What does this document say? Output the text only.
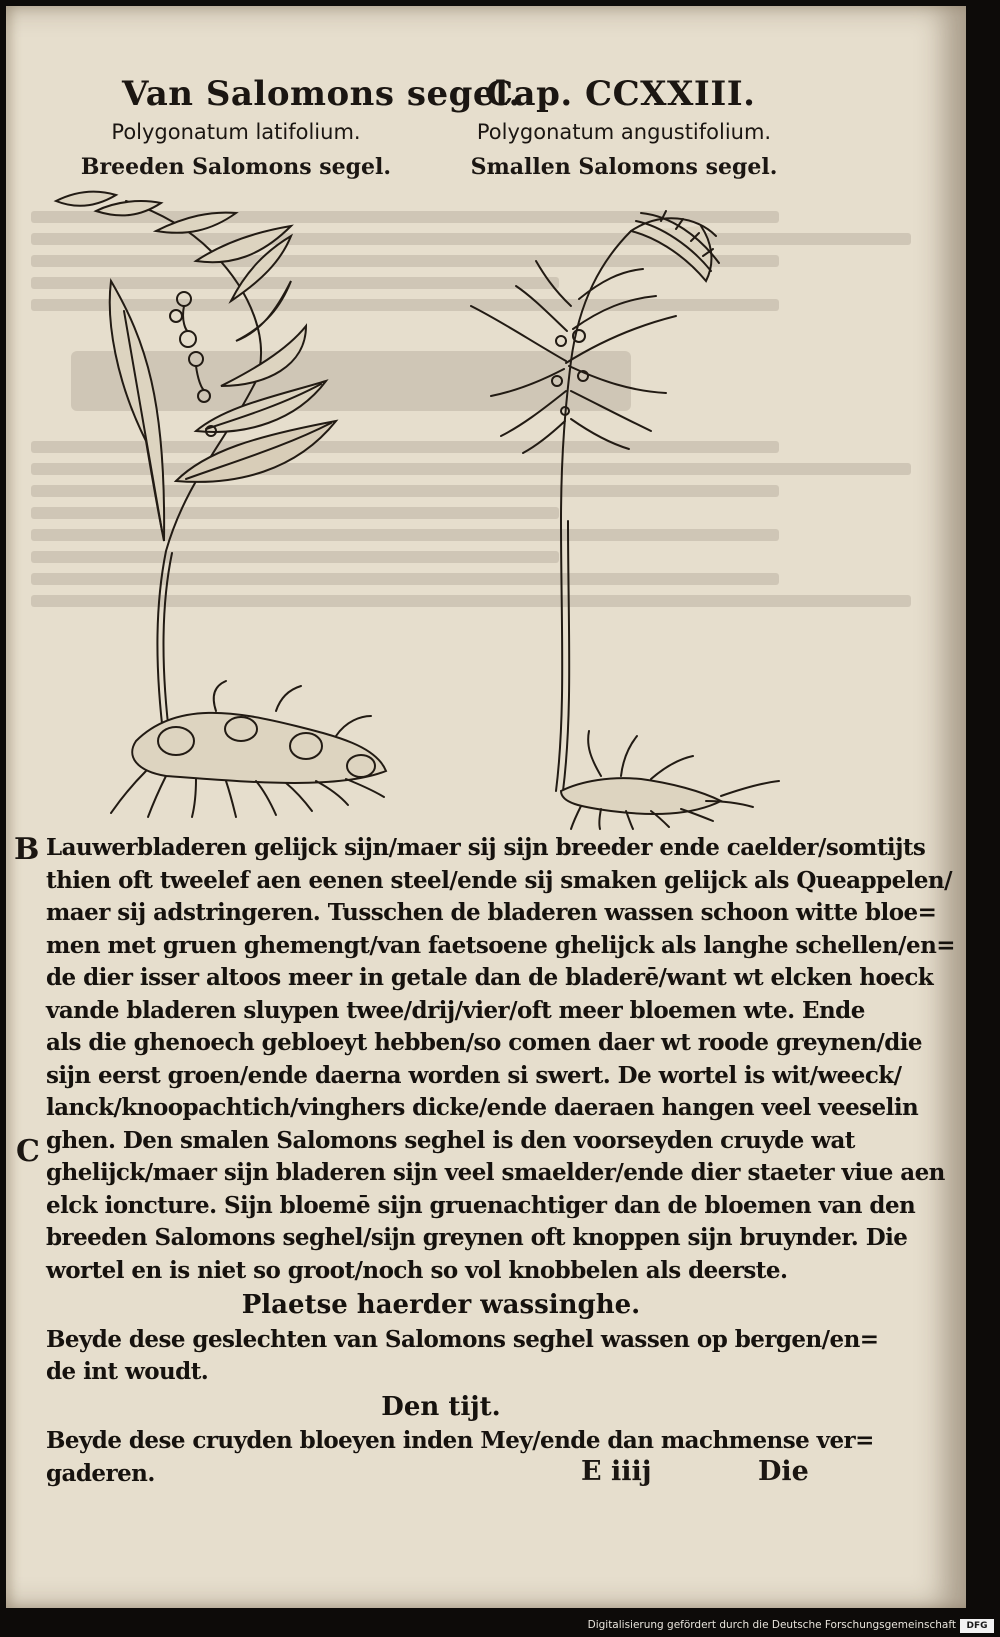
Van Salomons segel.
Cap. CCXXIII.
Polygonatum latifolium.
Breeden Salomons segel.
Polygonatum angustifolium.
Smallen Salomons segel.
B
C
Lauwerbladeren gelijck sijn/maer sij sijn breeder ende caelder/somtijts
thien oft tweelef aen eenen steel/ende sij smaken gelijck als Queappelen/
maer sij adstringeren. Tusschen de bladeren wassen schoon witte bloe=
men met gruen ghemengt/van faetsoene ghelijck als langhe schellen/en=
de dier isser altoos meer in getale dan de bladerē/want wt elcken hoeck
vande bladeren sluypen twee/drij/vier/oft meer bloemen wte. Ende
als die ghenoech gebloeyt hebben/so comen daer wt roode greynen/die
sijn eerst groen/ende daerna worden si swert. De wortel is wit/weeck/
lanck/knoopachtich/vinghers dicke/ende daeraen hangen veel veeselin
ghen. Den smalen Salomons seghel is den voorseyden cruyde wat
ghelijck/maer sijn bladeren sijn veel smaelder/ende dier staeter viue aen
elck ioncture. Sijn bloemē sijn gruenachtiger dan de bloemen van den
breeden Salomons seghel/sijn greynen oft knoppen sijn bruynder. Die
wortel en is niet so groot/noch so vol knobbelen als deerste.
Plaetse haerder wassinghe.
Beyde dese geslechten van Salomons seghel wassen op bergen/en=
de int woudt.
Den tijt.
Beyde dese cruyden bloeyen inden Mey/ende dan machmense ver=
gaderen.	E iiij	Die
Digitalisierung gefördert durch die Deutsche Forschungsgemeinschaft	DFG
